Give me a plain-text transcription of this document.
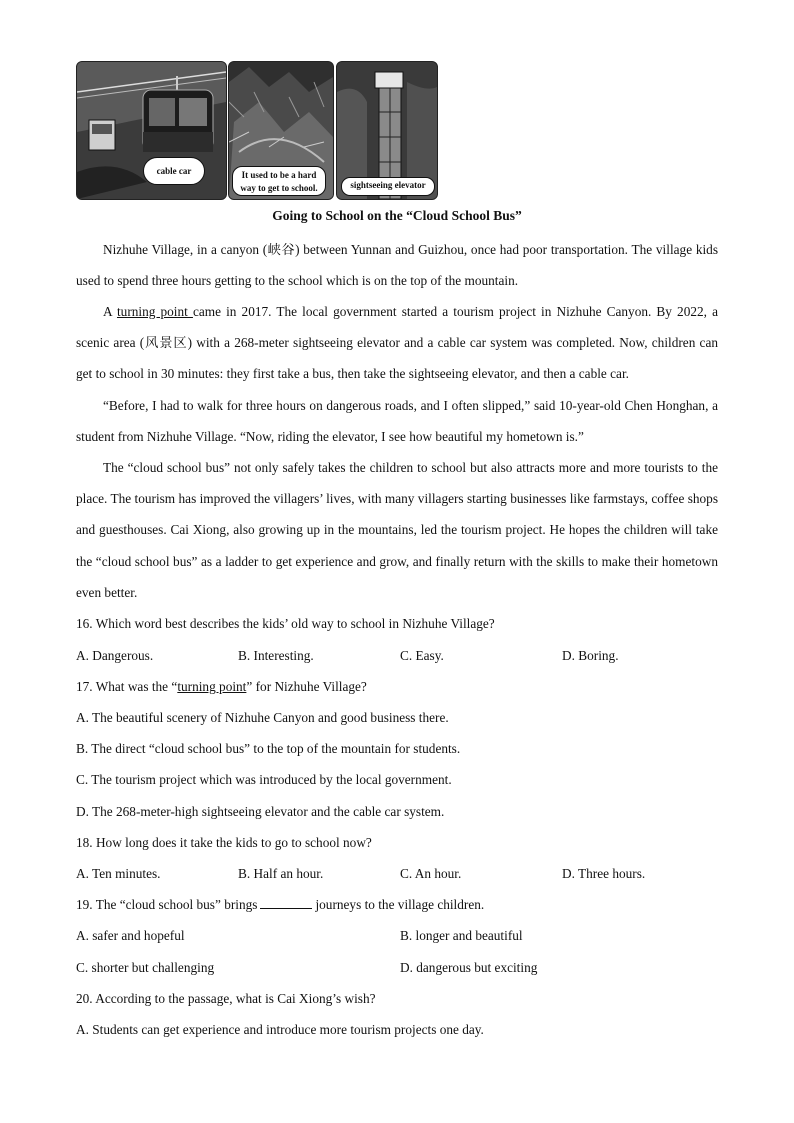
cable car	It used to be a hard
way to get to school.	sightseeing elevator
Going to School on the “Cloud School Bus”

Nizhuhe Village, in a canyon (峡谷) between Yunnan and Guizhou, once had poor transportation. The village kids used to spend three hours getting to the school which is on the top of the mountain.

A turning point came in 2017. The local government started a tourism project in Nizhuhe Canyon. By 2022, a scenic area (风景区) with a 268-meter sightseeing elevator and a cable car system was completed. Now, children can get to school in 30 minutes: they first take a bus, then take the sightseeing elevator, and then a cable car.

“Before, I had to walk for three hours on dangerous roads, and I often slipped,” said 10-year-old Chen Honghan, a student from Nizhuhe Village. “Now, riding the elevator, I see how beautiful my hometown is.”

The “cloud school bus” not only safely takes the children to school but also attracts more and more tourists to the place. The tourism has improved the villagers’ lives, with many villagers starting businesses like farmstays, coffee shops and guesthouses. Cai Xiong, also growing up in the mountains, led the tourism project. He hopes the children will take the “cloud school bus” as a ladder to get experience and grow, and finally return with the skills to make their hometown even better.

16. Which word best describes the kids’ old way to school in Nizhuhe Village?
A. Dangerous.	B. Interesting.	C. Easy.	D. Boring.
17. What was the “turning point” for Nizhuhe Village?
A. The beautiful scenery of Nizhuhe Canyon and good business there.
B. The direct “cloud school bus” to the top of the mountain for students.
C. The tourism project which was introduced by the local government.
D. The 268-meter-high sightseeing elevator and the cable car system.
18. How long does it take the kids to go to school now?
A. Ten minutes.	B. Half an hour.	C. An hour.	D. Three hours.
19. The “cloud school bus” brings	journeys to the village children.
A. safer and hopeful	B. longer and beautiful
C. shorter but challenging	D. dangerous but exciting
20. According to the passage, what is Cai Xiong’s wish?
A. Students can get experience and introduce more tourism projects one day.
